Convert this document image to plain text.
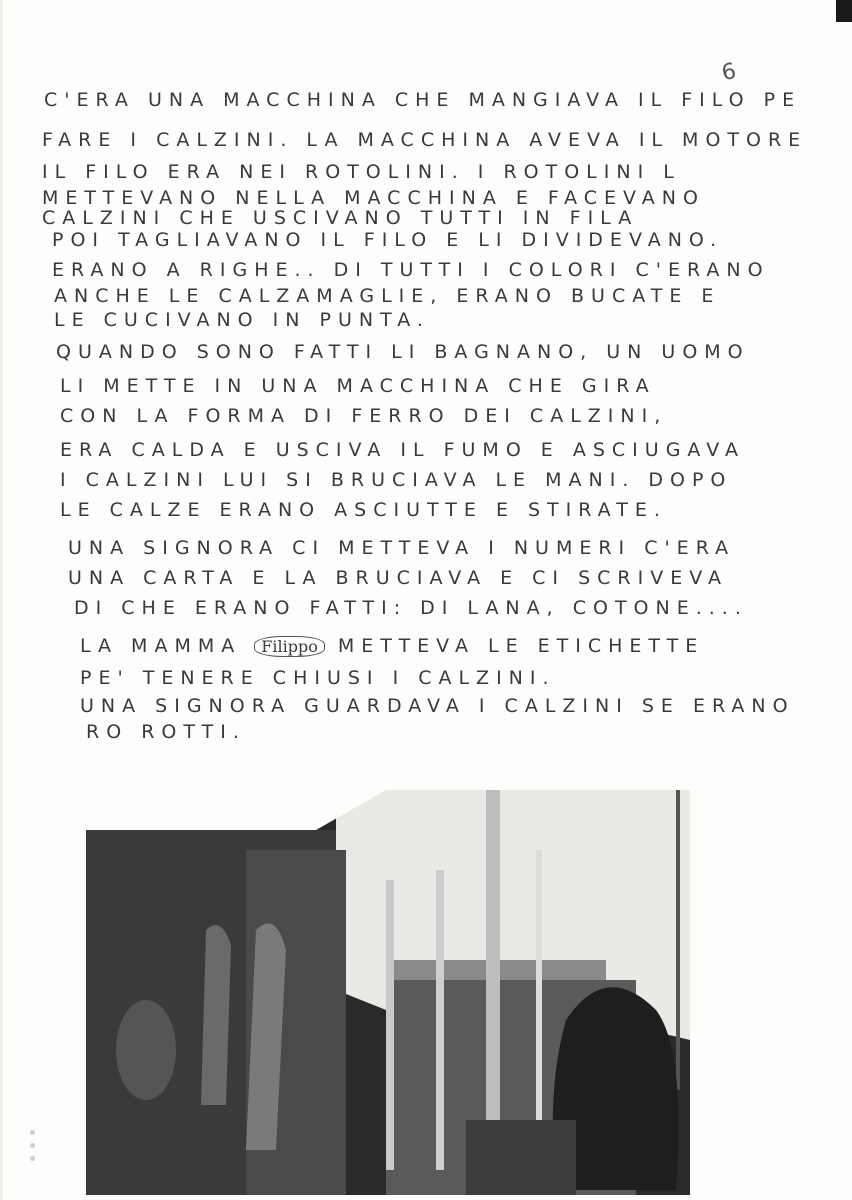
6
C'ERA UNA MACCHINA CHE MANGIAVA IL FILO PE
FARE I CALZINI. LA MACCHINA AVEVA IL MOTORE
IL FILO ERA NEI ROTOLINI. I ROTOLINI L
METTEVANO NELLA MACCHINA E FACEVANO
CALZINI CHE USCIVANO TUTTI IN FILA
POI TAGLIAVANO IL FILO E LI DIVIDEVANO.
ERANO A RIGHE.. DI TUTTI I COLORI C'ERANO
ANCHE LE CALZAMAGLIE, ERANO BUCATE E
LE CUCIVANO IN PUNTA.
QUANDO SONO FATTI LI BAGNANO, UN UOMO
LI METTE IN UNA MACCHINA CHE GIRA
CON LA FORMA DI FERRO DEI CALZINI,
ERA CALDA E USCIVA IL FUMO E ASCIUGAVA
I CALZINI LUI SI BRUCIAVA LE MANI. DOPO
LE CALZE ERANO ASCIUTTE E STIRATE.
UNA SIGNORA CI METTEVA I NUMERI C'ERA
UNA CARTA E LA BRUCIAVA E CI SCRIVEVA
DI CHE ERANO FATTI: DI LANA, COTONE....
LA MAMMA Filippo METTEVA LE ETICHETTE
PE' TENERE CHIUSI I CALZINI.
UNA SIGNORA GUARDAVA I CALZINI SE ERANO
RO ROTTI.
